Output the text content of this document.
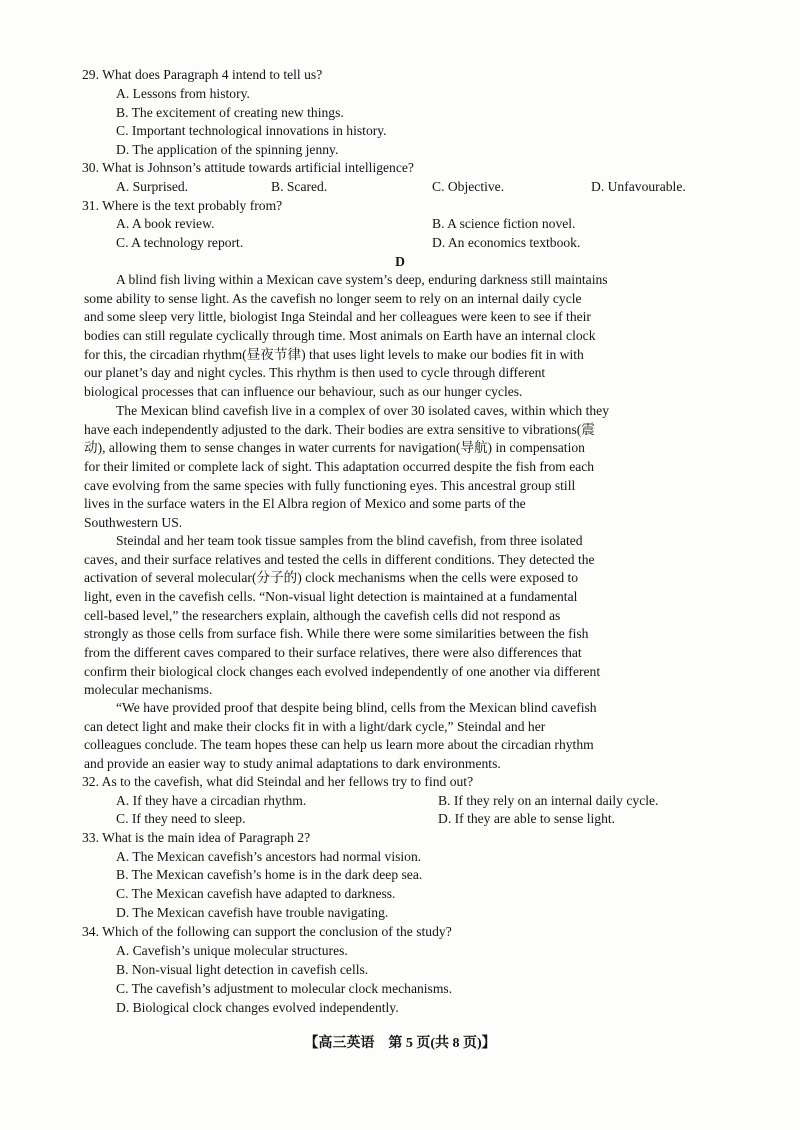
29. What does Paragraph 4 intend to tell us?
A. Lessons from history.
B. The excitement of creating new things.
C. Important technological innovations in history.
D. The application of the spinning jenny.
30. What is Johnson’s attitude towards artificial intelligence?
A. Surprised.	B. Scared.	C. Objective.	D. Unfavourable.
31. Where is the text probably from?
A. A book review.	B. A science fiction novel.
C. A technology report.	D. An economics textbook.
D
A blind fish living within a Mexican cave system’s deep, enduring darkness still maintains
some ability to sense light. As the cavefish no longer seem to rely on an internal daily cycle
and some sleep very little, biologist Inga Steindal and her colleagues were keen to see if their
bodies can still regulate cyclically through time. Most animals on Earth have an internal clock
for this, the circadian rhythm(昼夜节律) that uses light levels to make our bodies fit in with
our planet’s day and night cycles. This rhythm is then used to cycle through different
biological processes that can influence our behaviour, such as our hunger cycles.
The Mexican blind cavefish live in a complex of over 30 isolated caves, within which they
have each independently adjusted to the dark. Their bodies are extra sensitive to vibrations(震
动), allowing them to sense changes in water currents for navigation(导航) in compensation
for their limited or complete lack of sight. This adaptation occurred despite the fish from each
cave evolving from the same species with fully functioning eyes. This ancestral group still
lives in the surface waters in the El Albra region of Mexico and some parts of the
Southwestern US.
Steindal and her team took tissue samples from the blind cavefish, from three isolated
caves, and their surface relatives and tested the cells in different conditions. They detected the
activation of several molecular(分子的) clock mechanisms when the cells were exposed to
light, even in the cavefish cells. “Non-visual light detection is maintained at a fundamental
cell-based level,” the researchers explain, although the cavefish cells did not respond as
strongly as those cells from surface fish. While there were some similarities between the fish
from the different caves compared to their surface relatives, there were also differences that
confirm their biological clock changes each evolved independently of one another via different
molecular mechanisms.
“We have provided proof that despite being blind, cells from the Mexican blind cavefish
can detect light and make their clocks fit in with a light/dark cycle,” Steindal and her
colleagues conclude. The team hopes these can help us learn more about the circadian rhythm
and provide an easier way to study animal adaptations to dark environments.
32. As to the cavefish, what did Steindal and her fellows try to find out?
A. If they have a circadian rhythm.	B. If they rely on an internal daily cycle.
C. If they need to sleep.	D. If they are able to sense light.
33. What is the main idea of Paragraph 2?
A. The Mexican cavefish’s ancestors had normal vision.
B. The Mexican cavefish’s home is in the dark deep sea.
C. The Mexican cavefish have adapted to darkness.
D. The Mexican cavefish have trouble navigating.
34. Which of the following can support the conclusion of the study?
A. Cavefish’s unique molecular structures.
B. Non-visual light detection in cavefish cells.
C. The cavefish’s adjustment to molecular clock mechanisms.
D. Biological clock changes evolved independently.
【高三英语　第 5 页(共 8 页)】
